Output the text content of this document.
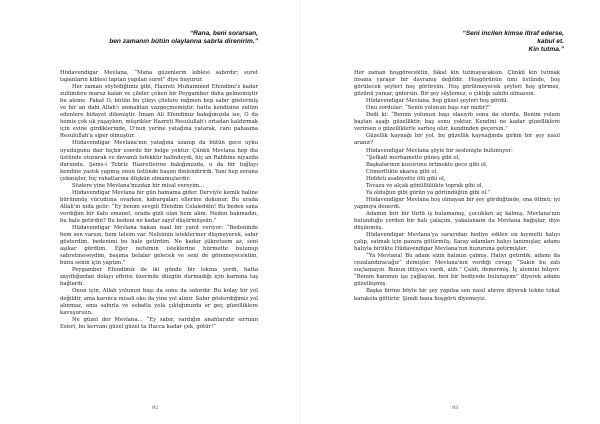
“Rana, beni sorarsan,
ben zamanın bütün olaylanna sabrla direnirim.”

Hüdavendigar Mevlana, “Mana güzenlerin kiblesi sabırdır; suret tapanların kiblesi taptan yapılan suret” diye buyurur.

Her zaman söylediğimiz gibi, Hazreti Muhammed Efendimi'z kadar zulümlere maruz kalan ve çileler çeken bir Peygamber daha gelmemiştir bu aleme. Fakat O, bütün bu çileyi çilelere rağmen hep sabır göstermiş ve bir an dahi Allah'ı unmaktan vazgeçmemiştir, hatta kendisine zulüm edenlere hidayet dilemiştir. İmam Ali Efendimiz bakığımızda ise, O da hemiz çok uk yaşayken, müşrikler Hazreti Resulullah'ı ortadan kaldırmak için evine girdiklerinde, O'nun yerine yatağına yatarak, canı pahasına Resulullah'a siper olmuştur.

Hüdavendigar Mevlana'nın yatağına uzanıp da bütün gece uyku uyudugunu dair hiçbir eserde bir belge yoktur. Çünkü Mevlana hep dia üstünde oturarak ve devamlı tefekkür halindeydi, hiç an Rabbine niyazda durundu. Şems-i Tebriz Hazretlerine bakığımızda, o da bir tuğlayı kendine yastık yapmış onun üstünde başını dinlendirirdi. Yani hep zorana çekmişler, hiç rahatlarına düşkün olmamışlardır.

Sözlere yine Mevlana'mızdan bir misal vereyim…

Hüdavendigar Mevlana bir gün hamama gider. Derviyle kemik haline bürünmüş vücuduna ovarken, kaburgaları ellerine dokunur. Bu urada Allah'ın nida gelir: “Ey benim sevgili Efendim Celaleddin! Bu beden sana verdiğim bir ilahi emanet, orada gizli olan hem alım. Neden bakmadın, bu hale getirdin? Bu bedeni ne kadar zayıf düşürmüşsün.”

Hüdavendigar Mevlana bakan naal bir yanıt veriyor: “Bedeninde hem sen varsın, hem telsim var. Nefsimin istekleriner düşmeyerek, sabır gösterdim, bedenimi bu hale getirdim. Ne kadar şükretsem az, seni aşıkar gördüm. Eğer nefsimin isteklerine hürmette bulunup sabretmeseydim, başıma belalar gelecek ve seni de göremeyecektim, bunu senin için yaptım.”

Peygamber Efendimiz de iki günde bir lokma yerdi, hatta zayıflığından dolayı efbrisi üzerinde düzgün durmadığı için karnına taş bağlardı.

Onun için, Allah yolunun başı da sonu da sabırdır. Bu kolay bir yol değildir, ama karınca misali oku da yine yol alınır. Sabır gösterdiğimiz yol alınmaz, ama sabırla ve sebatla yola çıktığımızda er geç güzelliklere kavuşursun.

Ne güzel der Mevlana… “Ey sabır, vardığın anahtarıdır sırrının Esisri, bu kervanı güzel güzel ta Hacca kadar çek, götür!”

92
“Seni incilen kimse itiraf ederse, kabul et.
Kin tutma.”

Her zaman hoşgörecektin, fakat kin tutmayacaksın. Çünkü kin tutmak insana yaraşır bir davranış değildir. Hoşgörünün ümi üstünde, hoş görülecek şeyleri hoş görürsün. Hoş görülmeyecek şeyleri hoş görmez, gözünü yumar, gidersin. Bir şey söylemez, o çıktığı sahibi olmazsın.

Hüdavendigar Mevlana, hep güzel şeyleri hoş gördü.

Onu sordular: “Senin yolunun başı var midir?”

Dedi ki: “Benim yolunun başı olasıydı sonu da olurdu. Benim yolum baştan aşağı güzelliktir, baş sonu yoktur. Kendini ne kadar güzelliklere verirsen o güzelliklerle sarhoş olur, kendinden geçersin.”

Güzellik kaynağı bir yol, bu güzellik kaynağında girkin bir şey nasıl aranır?

Hüdavendigar Mevlana şöyle bir seslenişte bulunuyor:

“Şefkati merhamette güneş gibi ol,

Başkalarının kusurunu örtmekte gece gibi ol,

Cömertlikte akarsu gibi ol,

Hiddeti asabiyette ölü gibi ol,

Tevazu ve alçak gönüllülükte toprak gibi ol,

Ya olduğun gibi görün ya göründüğün gibi ol.”

Hüdavendigar Mevlana hoş olmayan bir şey gördüğünde, ona öttmü; iyi yapmıya denerdi.

Adamın biri bir türlü iş bulamamış, çocukları aç kalmış. Mevlana'nın bulunduğu yerden bir halı çalaçım, yakalanaım da Mevlana bağışlar, diye düşünmüş.

Hüdavendigar Mevlana'ya sarayıdan hediye edilen en kıymetli halıyı çalıp, satmak için pazara götürmüş. Saray adamları halıyı tanımışlar, adamı halıyla birlikte Hüdavendigar Mevlana'nın huzuruna getirmişler.

“Ya Mevlana! Bu adam sizin halınızı çalmış. Halıyı getirdik, adamı da cezalandıracağız” demişler. Mevlana'nın verdiği cevap; “Sakın bu zatı suçlamayın. Bunun ihtiyacı vardı, aldı.” Çaldı, demermiş. İç alemini bilıyor. “Benim hanımın işe yağlayan, ben bir hediyede bulunayım” diyerek adamı güzelleşmiş.

Başka birine böyle bir şey yapılsa sen nasıl ahrıve diyerek tekne tokat karakola götürür. Şimdi bana hoşgörü diyemeyiz.

93
